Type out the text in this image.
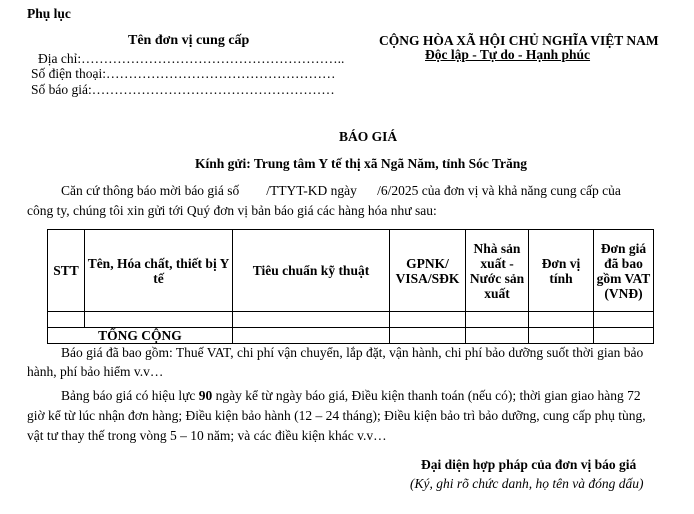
Phụ lục
Tên đơn vị cung cấp
Địa chỉ:…………………………………………………..
Số điện thoại:……………………………………………
Số báo giá:………………………………………………
CỘNG HÒA XÃ HỘI CHỦ NGHĨA VIỆT NAM
Độc lập - Tự do - Hạnh phúc
BÁO GIÁ
Kính gửi: Trung tâm Y tế thị xã Ngã Năm, tỉnh Sóc Trăng
Căn cứ thông báo mời báo giá số        /TTYT-KD ngày      /6/2025 của đơn vị và khả năng cung cấp của
công ty, chúng tôi xin gửi tới Quý đơn vị bản báo giá các hàng hóa như sau:
STT	Tên, Hóa chất, thiết bị Y tế	Tiêu chuẩn kỹ thuật	GPNK/ VISA/SĐK	Nhà sản xuất - Nước sản xuất	Đơn vị tính	Đơn giá đã bao gồm VAT (VNĐ)

TỔNG CỘNG						
Báo giá đã bao gồm: Thuế VAT, chi phí vận chuyển, lắp đặt, vận hành, chi phí bảo dưỡng suốt thời gian bảo
hành, phí bảo hiểm v.v…
Bảng báo giá có hiệu lực 90 ngày kể từ ngày báo giá, Điều kiện thanh toán (nếu có); thời gian giao hàng 72
giờ kể từ lúc nhận đơn hàng; Điều kiện bảo hành (12 – 24 tháng); Điều kiện bảo trì bảo dưỡng, cung cấp phụ tùng,
vật tư thay thế trong vòng 5 – 10 năm; và các điều kiện khác v.v…
Đại diện hợp pháp của đơn vị báo giá
(Ký, ghi rõ chức danh, họ tên và đóng dấu)
